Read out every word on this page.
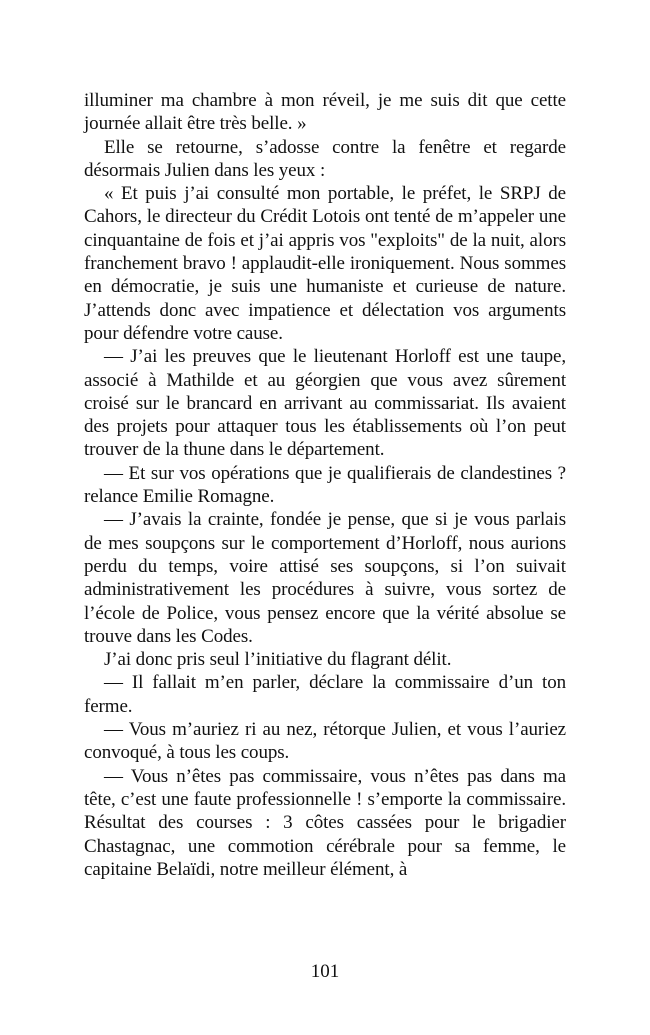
illuminer ma chambre à mon réveil, je me suis dit que cette journée allait être très belle. »

Elle se retourne, s’adosse contre la fenêtre et regarde désormais Julien dans les yeux :

« Et puis j’ai consulté mon portable, le préfet, le SRPJ de Cahors, le directeur du Crédit Lotois ont tenté de m’appeler une cinquantaine de fois et j’ai appris vos "exploits" de la nuit, alors franchement bravo ! applaudit-elle ironiquement. Nous sommes en démocratie, je suis une humaniste et curieuse de nature. J’attends donc avec impatience et délectation vos arguments pour défendre votre cause.

— J’ai les preuves que le lieutenant Horloff est une taupe, associé à Mathilde et au géorgien que vous avez sûrement croisé sur le brancard en arrivant au commissariat. Ils avaient des projets pour attaquer tous les établissements où l’on peut trouver de la thune dans le département.

— Et sur vos opérations que je qualifierais de clandestines ? relance Emilie Romagne.

— J’avais la crainte, fondée je pense, que si je vous parlais de mes soupçons sur le comportement d’Horloff, nous aurions perdu du temps, voire attisé ses soupçons, si l’on suivait administrativement les procédures à suivre, vous sortez de l’école de Police, vous pensez encore que la vérité absolue se trouve dans les Codes.

J’ai donc pris seul l’initiative du flagrant délit.

— Il fallait m’en parler, déclare la commissaire d’un ton ferme.

— Vous m’auriez ri au nez, rétorque Julien, et vous l’auriez convoqué, à tous les coups.

— Vous n’êtes pas commissaire, vous n’êtes pas dans ma tête, c’est une faute professionnelle ! s’emporte la commissaire. Résultat des courses : 3 côtes cassées pour le brigadier Chastagnac, une commotion cérébrale pour sa femme, le capitaine Belaïdi, notre meilleur élément, à

101
